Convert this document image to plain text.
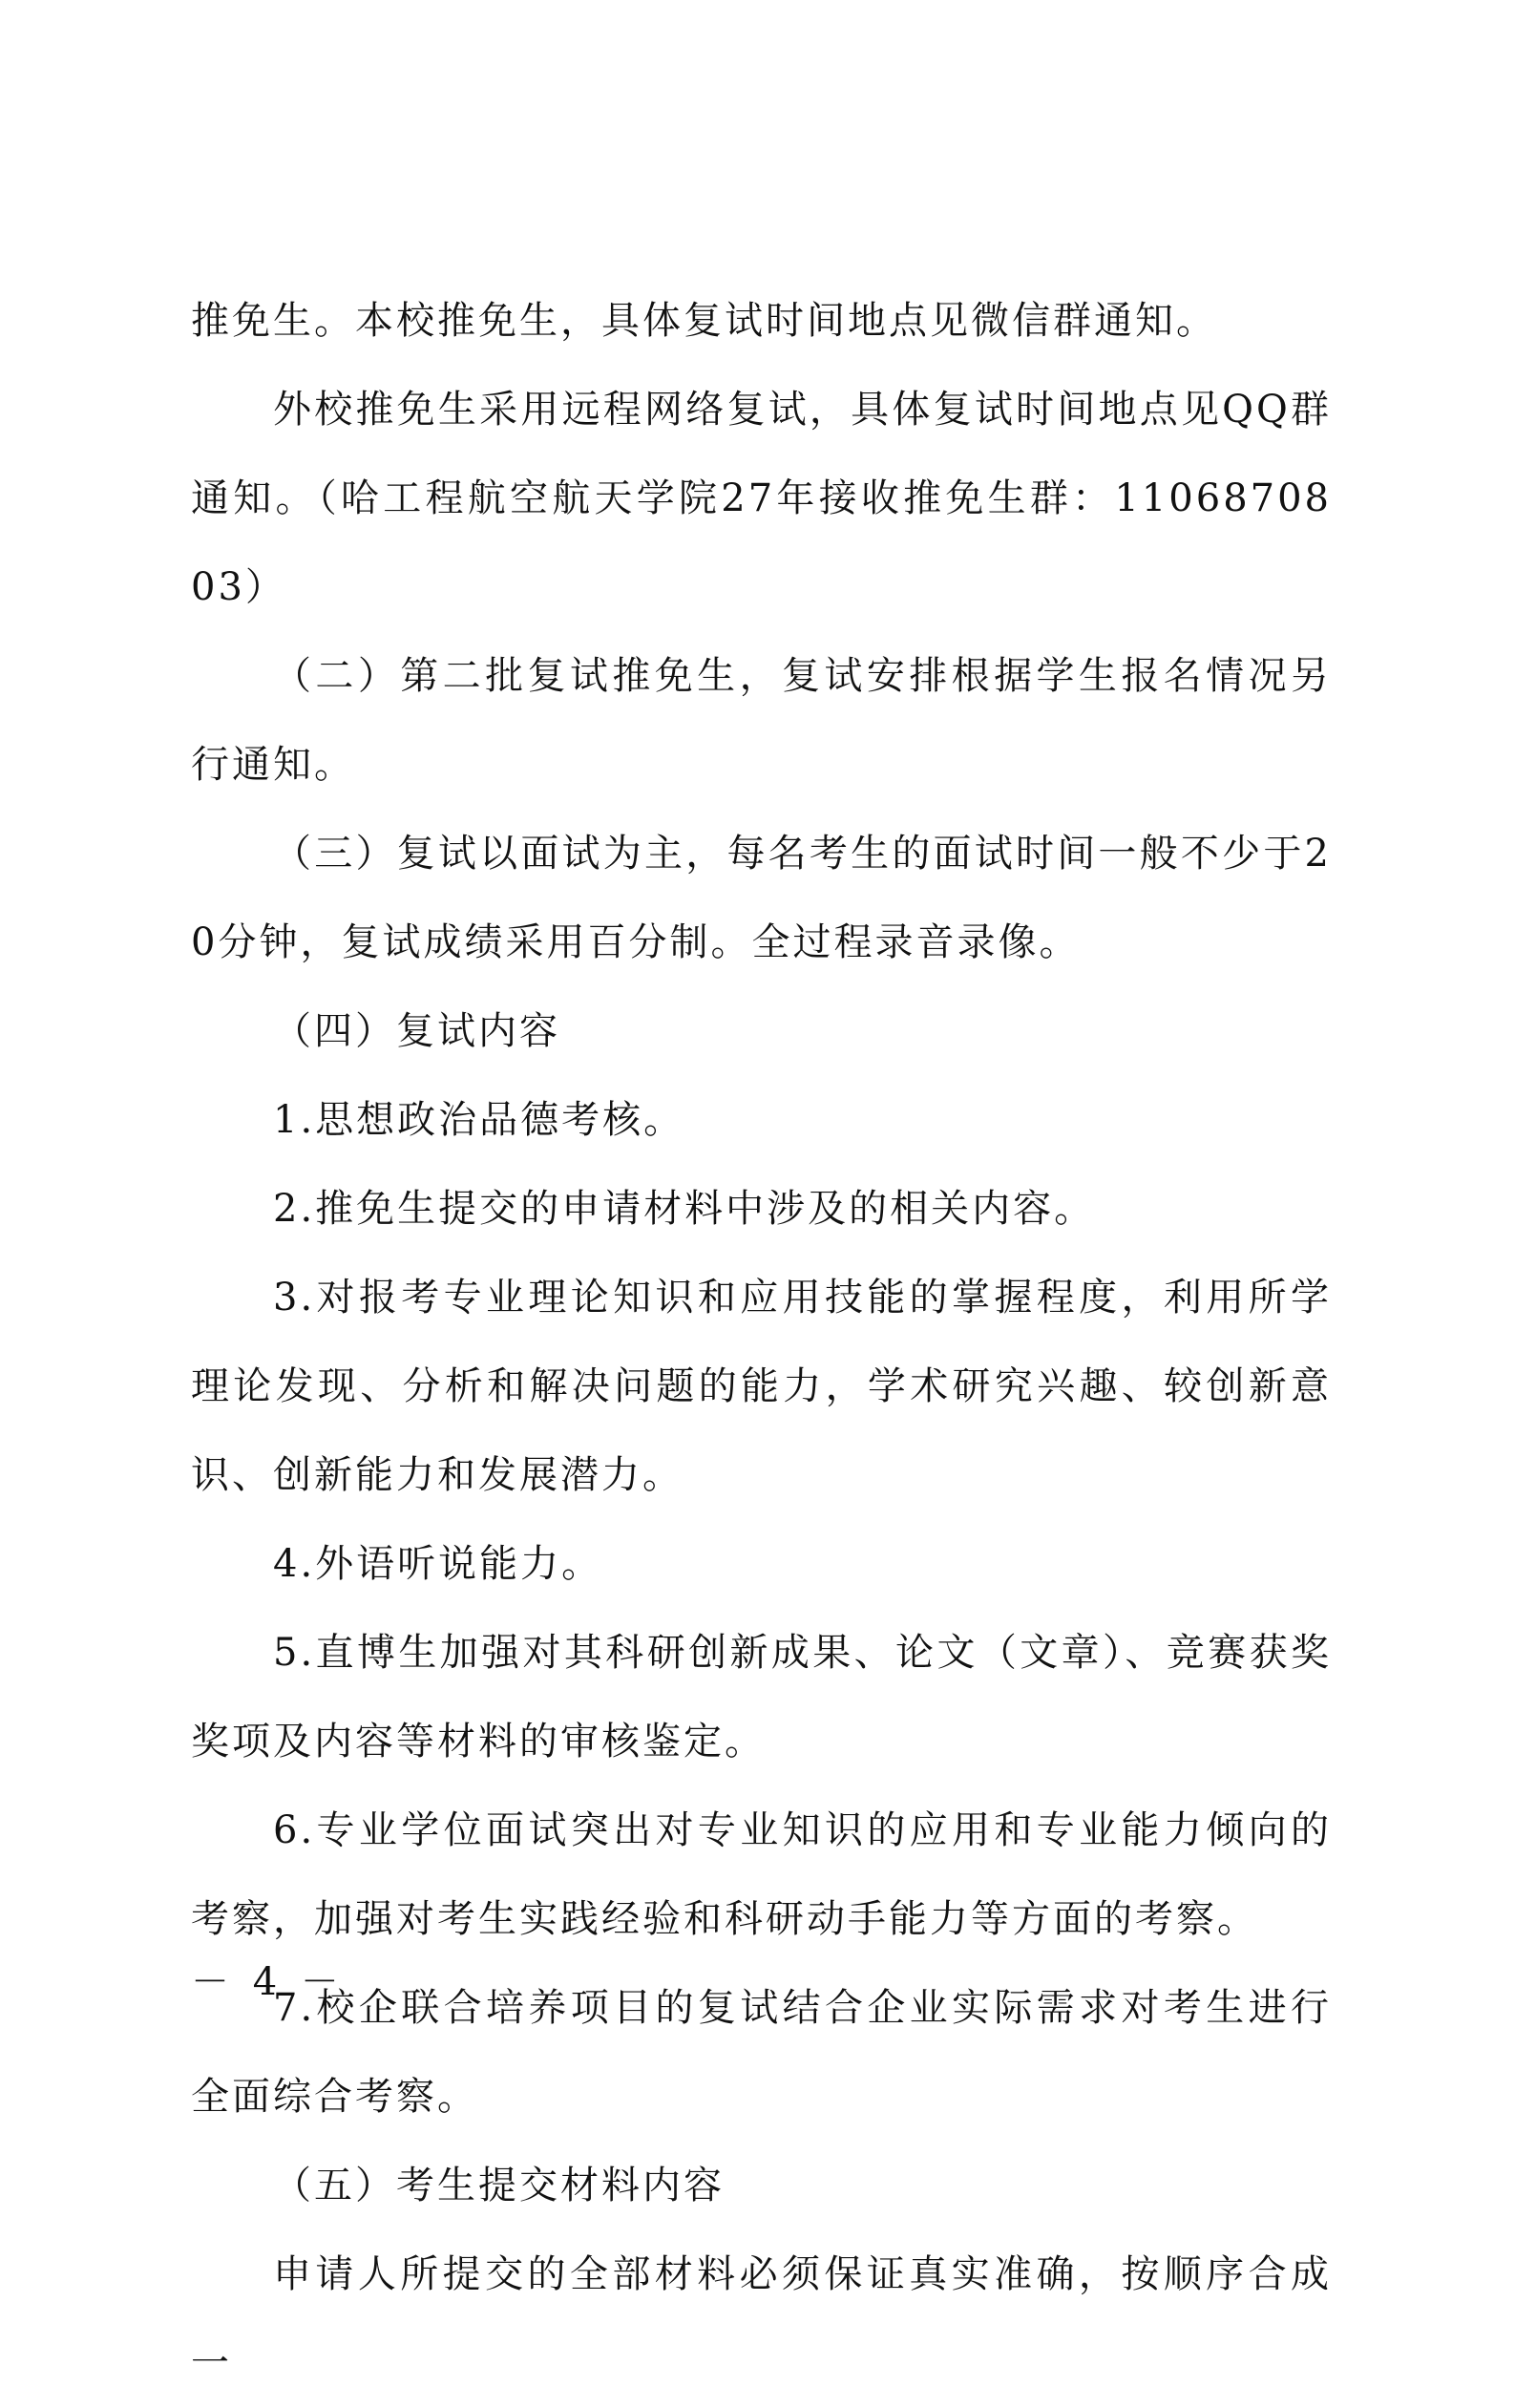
推免生。本校推免生，具体复试时间地点见微信群通知。

外校推免生采用远程网络复试，具体复试时间地点见QQ群通知。（哈工程航空航天学院27年接收推免生群：1106870803）

（二）第二批复试推免生，复试安排根据学生报名情况另行通知。

（三）复试以面试为主，每名考生的面试时间一般不少于20分钟，复试成绩采用百分制。全过程录音录像。

（四）复试内容

1.思想政治品德考核。

2.推免生提交的申请材料中涉及的相关内容。

3.对报考专业理论知识和应用技能的掌握程度，利用所学理论发现、分析和解决问题的能力，学术研究兴趣、较创新意识、创新能力和发展潜力。

4.外语听说能力。

5.直博生加强对其科研创新成果、论文（文章）、竞赛获奖奖项及内容等材料的审核鉴定。

6.专业学位面试突出对专业知识的应用和专业能力倾向的考察，加强对考生实践经验和科研动手能力等方面的考察。

7.校企联合培养项目的复试结合企业实际需求对考生进行全面综合考察。

（五）考生提交材料内容

申请人所提交的全部材料必须保证真实准确，按顺序合成一

－ 4 －
